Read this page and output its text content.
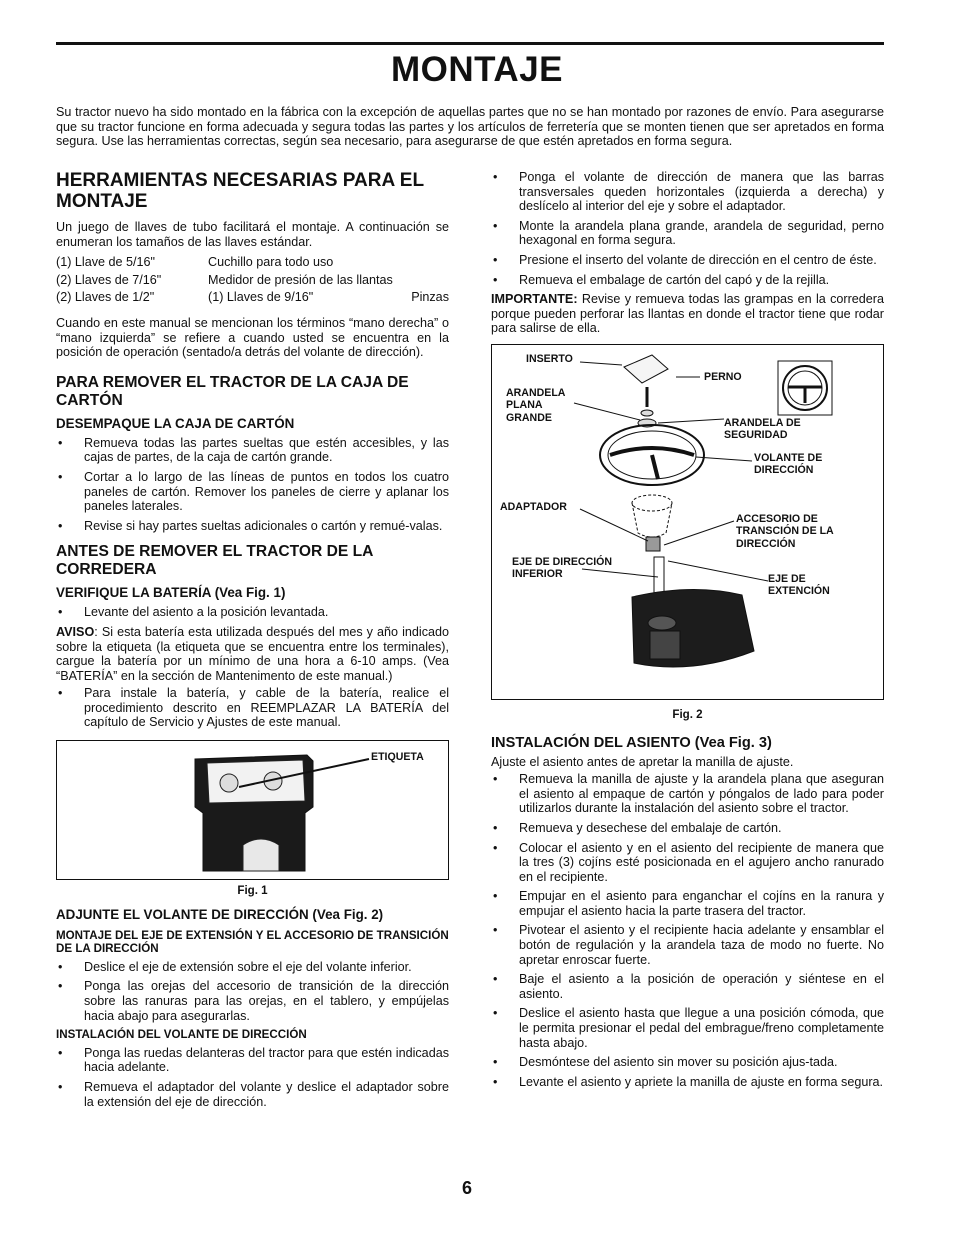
MONTAJE

Su tractor nuevo ha sido montado en la fábrica con la excepción de aquellas partes que no se han montado por razones de envío. Para asegurarse que su tractor funcione en forma adecuada y segura todas las partes y los artículos de ferretería que se monten tienen que ser apretados en forma segura. Use las herramientas correctas, según sea necesario, para asegurarse de que estén apretados en forma segura.

HERRAMIENTAS NECESARIAS PARA EL MONTAJE

Un juego de llaves de tubo facilitará el montaje. A continuación se enumeran los tamaños de las llaves estándar.

(1) Llave de 5/16"	Cuchillo para todo uso	
(2) Llaves de 7/16"	Medidor de presión de las llantas	
(2) Llaves de 1/2"	(1) Llaves de 9/16"	Pinzas

Cuando en este manual se mencionan los términos “mano derecha” o “mano izquierda” se refiere a cuando usted se encuentra en la posición de operación (sentado/a detrás del volante de dirección).

PARA REMOVER EL TRACTOR DE LA CAJA DE CARTÓN
DESEMPAQUE LA CAJA DE CARTÓN
• Remueva todas las partes sueltas que estén accesibles, y las cajas de partes, de la caja de cartón grande.
• Cortar a lo largo de las líneas de puntos en todos los cuatro paneles de cartón. Remover los paneles de cierre y aplanar los paneles laterales.
• Revise si hay partes sueltas adicionales o cartón y remué-valas.
ANTES DE REMOVER EL TRACTOR DE LA CORREDERA
VERIFIQUE LA BATERÍA (Vea Fig. 1)
• Levante del asiento a la posición levantada.

AVISO: Si esta batería esta utilizada después del mes y año indicado sobre la etiqueta (la etiqueta que se encuentra entre los terminales), cargue la batería por un mínimo de una hora a 6-10 amps. (Vea “BATERÍA” en la sección de Mantenimento de este manual.)

• Para instale la batería, y cable de la batería, realice el procedimiento descrito en REEMPLAZAR LA BATERÍA del capítulo de Servicio y Ajustes de este manual.
ETIQUETA
Fig. 1
ADJUNTE EL VOLANTE DE DIRECCIÓN (Vea Fig. 2)
MONTAJE DEL EJE DE EXTENSIÓN Y EL ACCESORIO DE TRANSICIÓN DE LA DIRECCIÓN
• Deslice el eje de extensión sobre el eje del volante inferior.
• Ponga las orejas del accesorio de transición de la dirección sobre las ranuras para las orejas, en el tablero, y empújelas hacia abajo para asegurarlas.
INSTALACIÓN DEL VOLANTE DE DIRECCIÓN
• Ponga las ruedas delanteras del tractor para que estén indicadas hacia adelante.
• Remueva el adaptador del volante y deslice el adaptador sobre la extensión del eje de dirección.
• Ponga el volante de dirección de manera que las barras transversales queden horizontales (izquierda a derecha) y deslícelo al interior del eje y sobre el adaptador.
• Monte la arandela plana grande, arandela de seguridad, perno hexagonal en forma segura.
• Presione el inserto del volante de dirección en el centro de éste.
• Remueva el embalage de cartón del capó y de la rejilla.

IMPORTANTE: Revise y remueva todas las grampas en la corredera porque pueden perforar las llantas en donde el tractor tiene que rodar para salirse de ella.

INSERTO
PERNO
ARANDELA PLANA GRANDE	ARANDELA DE SEGURIDAD
VOLANTE DE DIRECCIÓN
ADAPTADOR
ACCESORIO DE TRANSCIÓN DE LA DIRECCIÓN
EJE DE DIRECCIÓN INFERIOR	EJE DE EXTENCIÓN
Fig. 2
INSTALACIÓN DEL ASIENTO (Vea Fig. 3)

Ajuste el asiento antes de apretar la manilla de ajuste.

• Remueva la manilla de ajuste y la arandela plana que aseguran el asiento al empaque de cartón y póngalos de lado para poder utilizarlos durante la instalación del asiento sobre el tractor.
• Remueva y desechese del embalaje de cartón.
• Colocar el asiento y en el asiento del recipiente de manera que la tres (3) cojíns esté posicionada en el agujero ancho ranurado en el recipiente.
• Empujar en el asiento para enganchar el cojíns en la ranura y empujar el asiento hacia la parte trasera del tractor.
• Pivotear el asiento y el recipiente hacia adelante y ensamblar el botón de regulación y la arandela taza de modo no fuerte. No apretar enroscar fuerte.
• Baje el asiento a la posición de operación y siéntese en el asiento.
• Deslice el asiento hasta que llegue a una posición cómoda, que le permita presionar el pedal del embrague/freno completamente hasta abajo.
• Desmóntese del asiento sin mover su posición ajus-tada.
• Levante el asiento y apriete la manilla de ajuste en forma segura.
6
